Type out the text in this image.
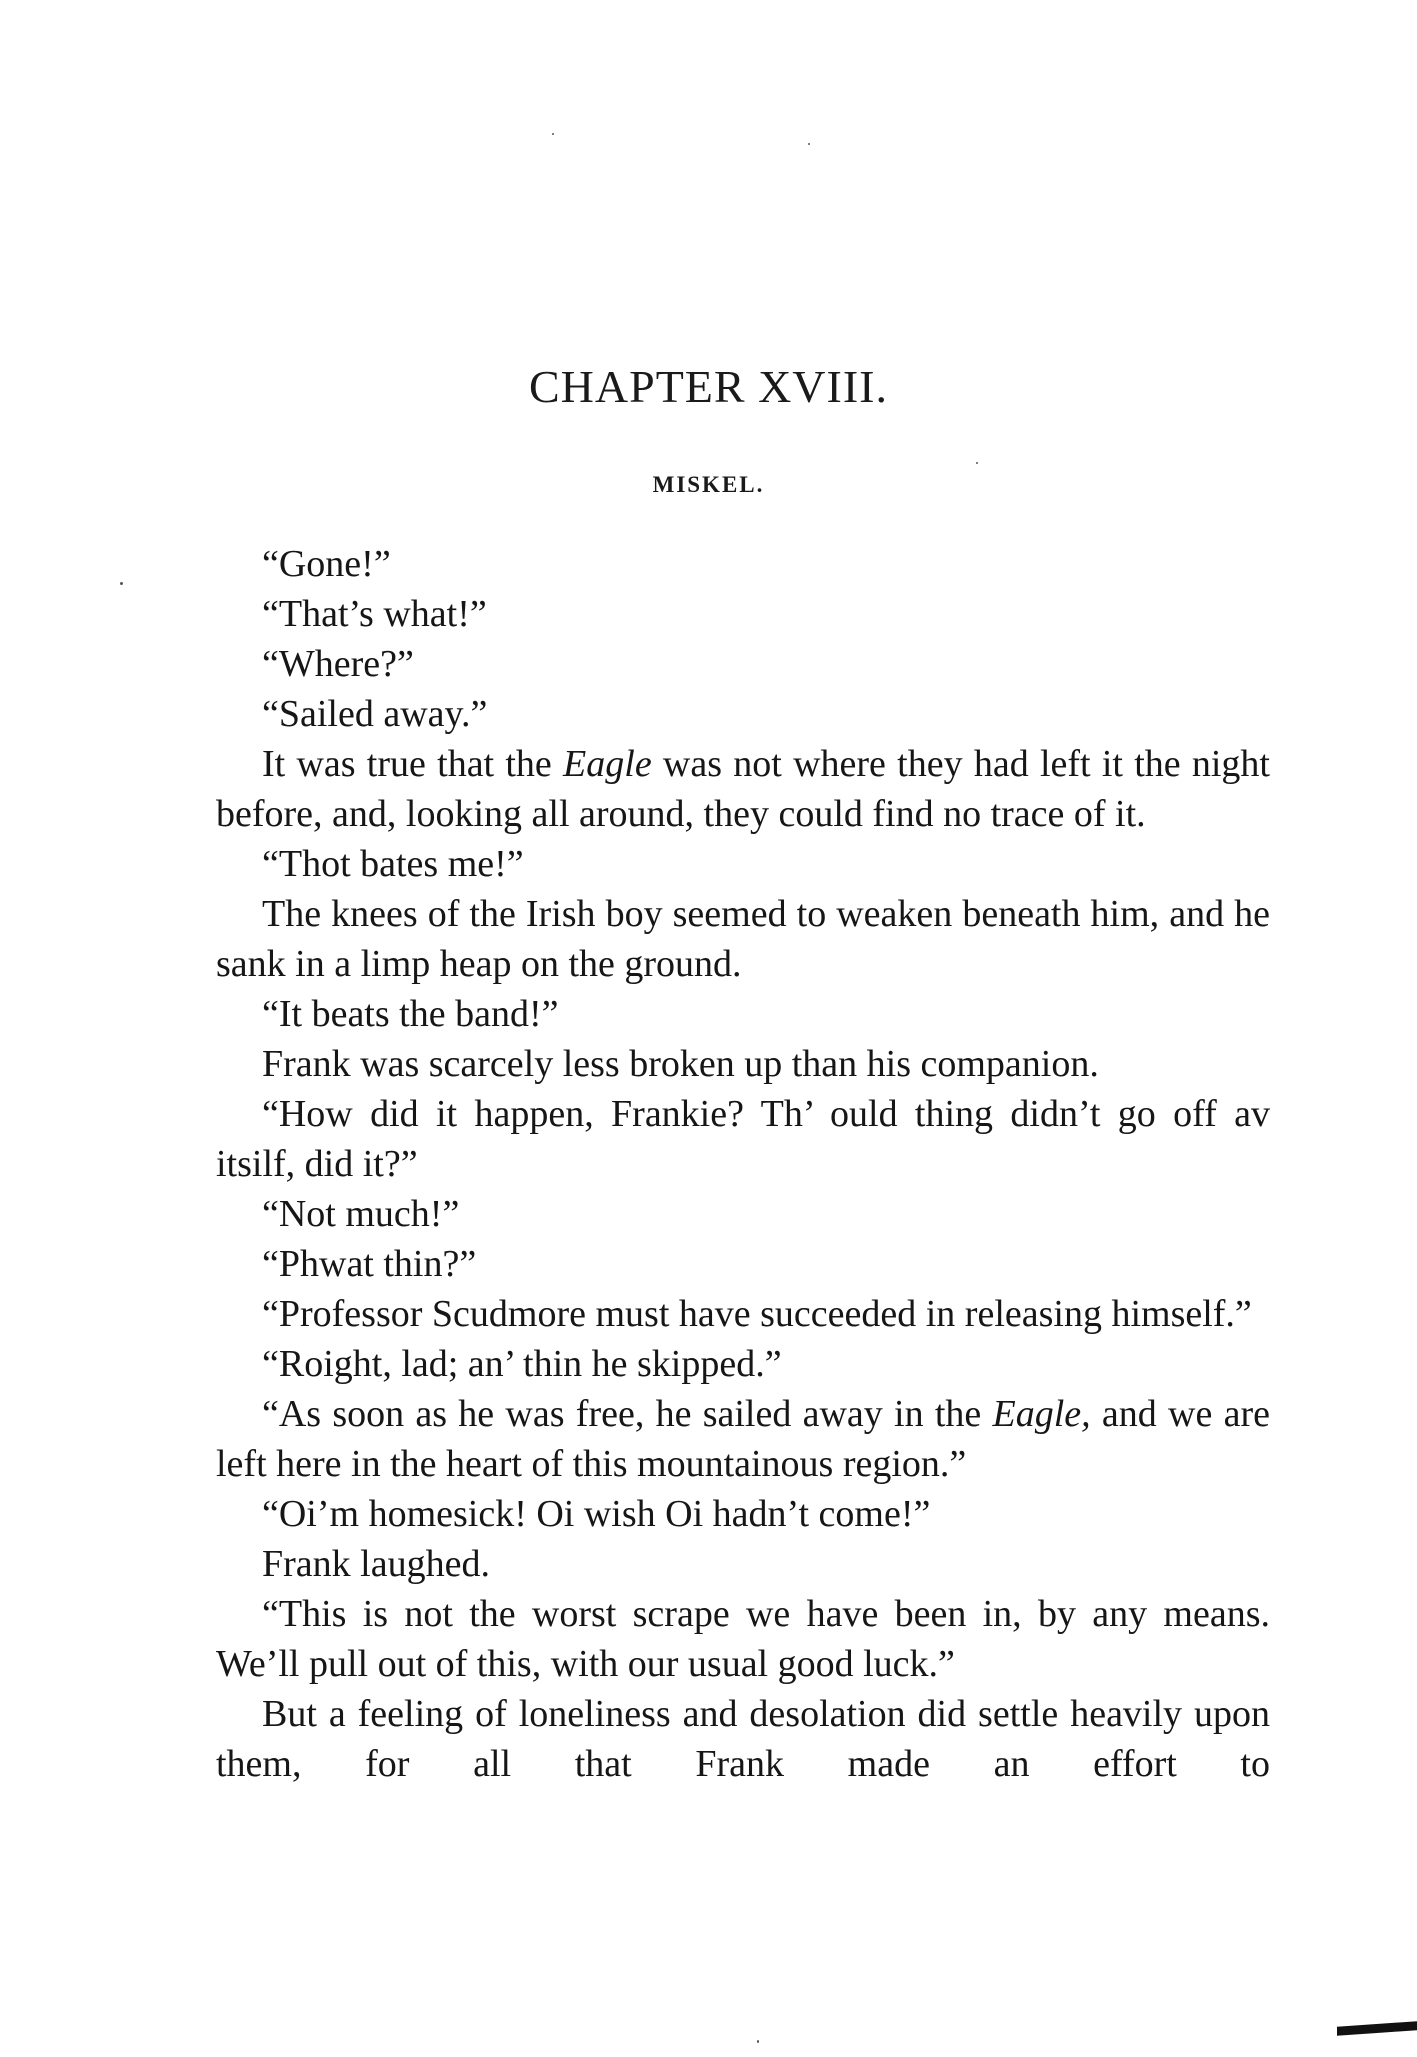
CHAPTER XVIII.
MISKEL.

“Gone!”

“That’s what!”

“Where?”

“Sailed away.”

It was true that the Eagle was not where they had left it the night before, and, looking all around, they could find no trace of it.

“Thot bates me!”

The knees of the Irish boy seemed to weaken beneath him, and he sank in a limp heap on the ground.

“It beats the band!”

Frank was scarcely less broken up than his companion.

“How did it happen, Frankie? Th’ ould thing didn’t go off av itsilf, did it?”

“Not much!”

“Phwat thin?”

“Professor Scudmore must have succeeded in releasing himself.”

“Roight, lad; an’ thin he skipped.”

“As soon as he was free, he sailed away in the Eagle, and we are left here in the heart of this mountainous region.”

“Oi’m homesick! Oi wish Oi hadn’t come!”

Frank laughed.

“This is not the worst scrape we have been in, by any means. We’ll pull out of this, with our usual good luck.”

But a feeling of loneliness and desolation did settle heavily upon them, for all that Frank made an effort to
